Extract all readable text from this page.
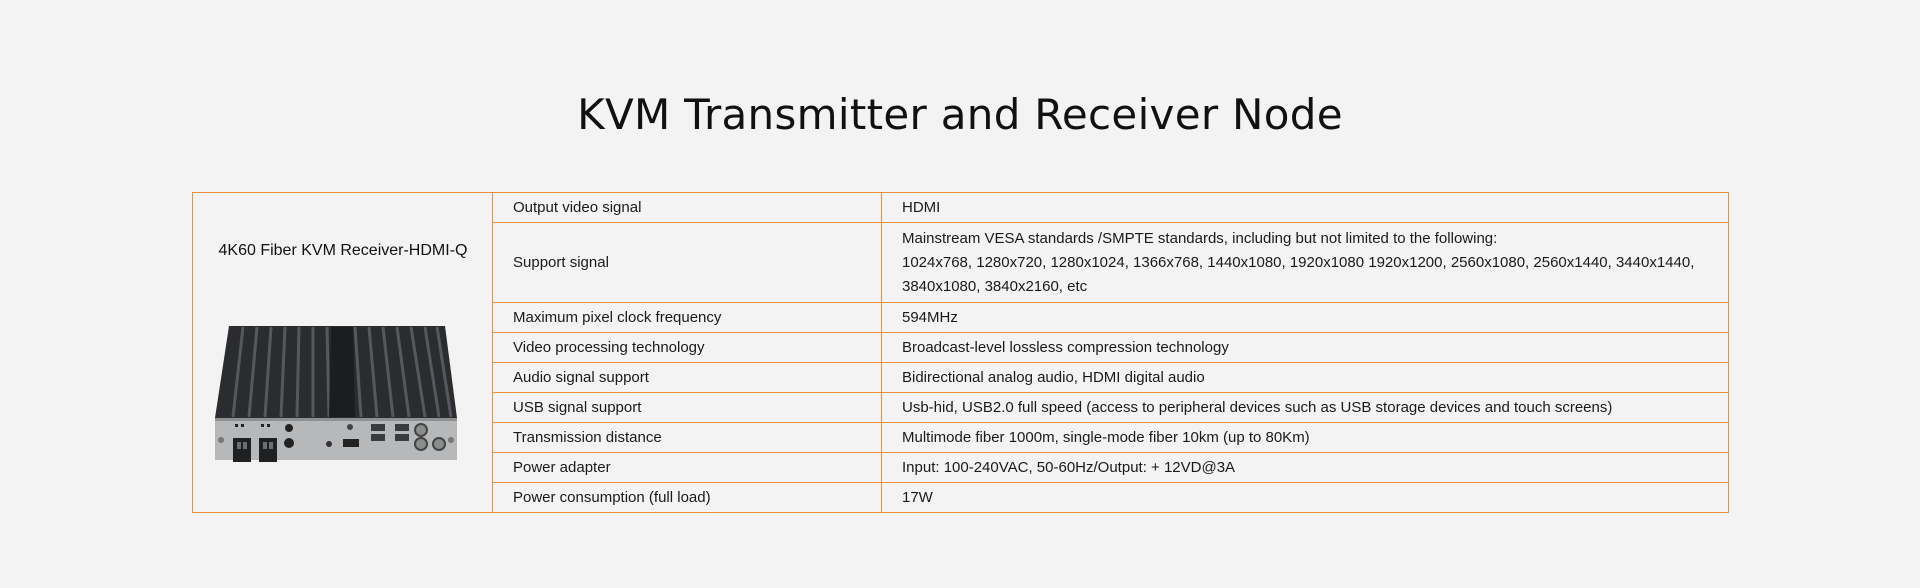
KVM Transmitter and Receiver Node
4K60 Fiber KVM Receiver-HDMI-Q	Output video signal	HDMI

	Support signal	Mainstream VESA standards /SMPTE standards, including but not limited to the following:
1024x768, 1280x720, 1280x1024, 1366x768, 1440x1080, 1920x1080 1920x1200, 2560x1080, 2560x1440, 3440x1440,
3840x1080, 3840x2160, etc

	Maximum pixel clock frequency	594MHz

	Video processing technology	Broadcast-level lossless compression technology

	Audio signal support	Bidirectional analog audio, HDMI digital audio

	USB signal support	Usb-hid, USB2.0 full speed (access to peripheral devices such as USB storage devices and touch screens)

	Transmission distance	Multimode fiber 1000m, single-mode fiber 10km (up to 80Km)

	Power adapter	Input: 100-240VAC, 50-60Hz/Output: + 12VD@3A

	Power consumption (full load)	17W
